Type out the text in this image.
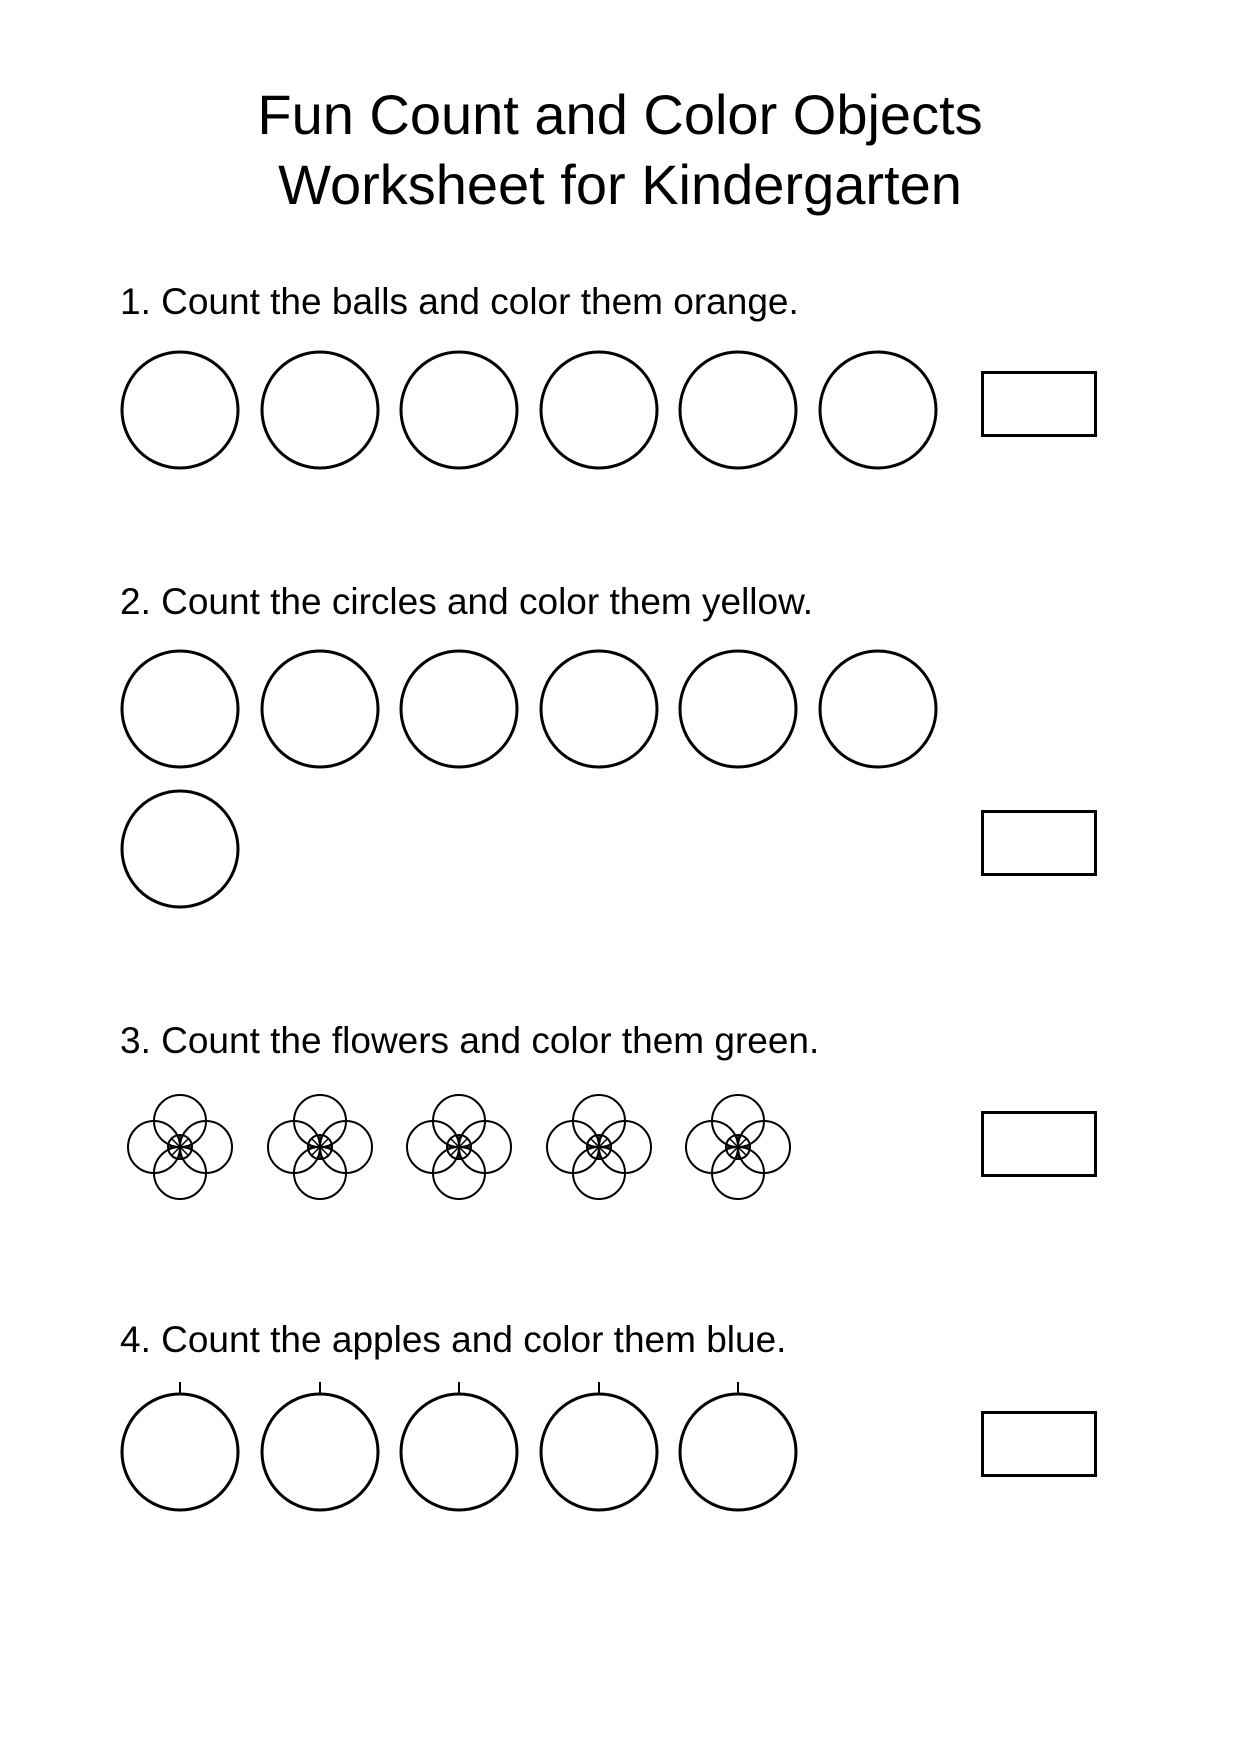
Fun Count and Color Objects
Worksheet for Kindergarten
1. Count the balls and color them orange.
2. Count the circles and color them yellow.
3. Count the flowers and color them green.
4. Count the apples and color them blue.
